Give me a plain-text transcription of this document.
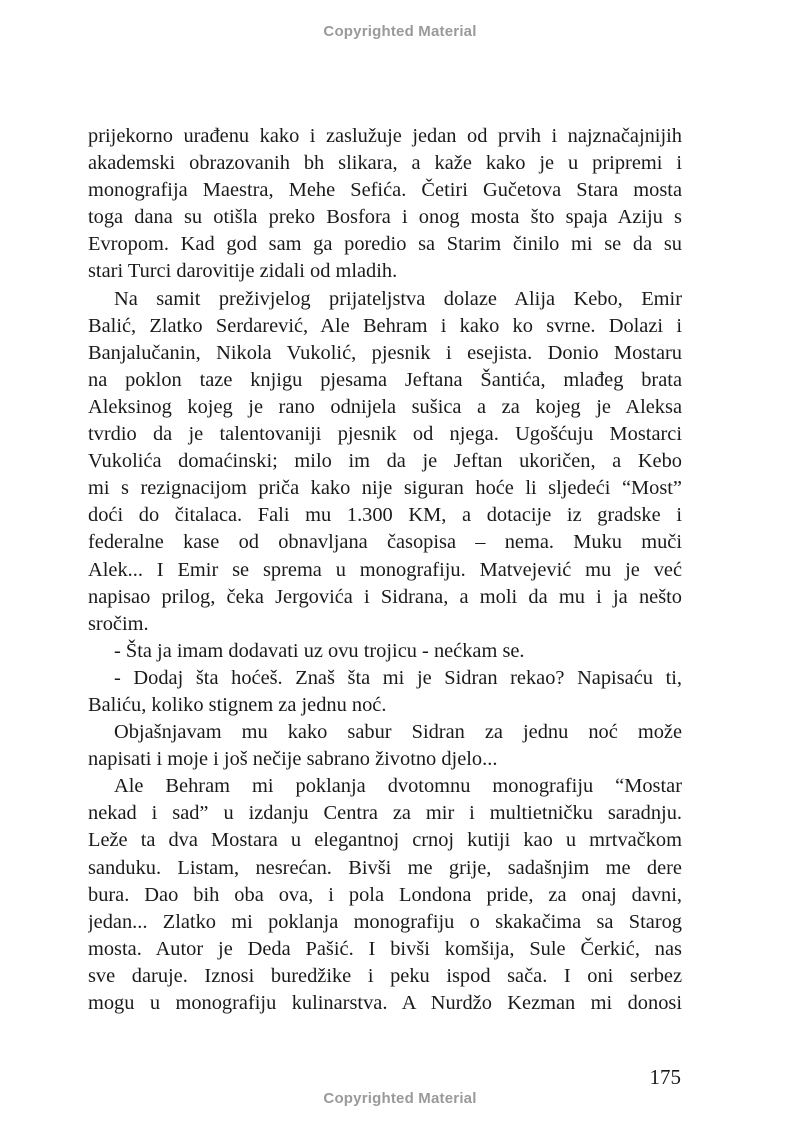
Copyrighted Material
prijekorno urađenu kako i zaslužuje jedan od prvih i najznačajnijih
akademski obrazovanih bh slikara, a kaže kako je u pripremi i
monografija Maestra, Mehe Sefića. Četiri Gučetova Stara mosta
toga dana su otišla preko Bosfora i onog mosta što spaja Aziju s
Evropom. Kad god sam ga poredio sa Starim činilo mi se da su
stari Turci darovitije zidali od mladih.
Na samit preživjelog prijateljstva dolaze Alija Kebo, Emir
Balić, Zlatko Serdarević, Ale Behram i kako ko svrne. Dolazi i
Banjalučanin, Nikola Vukolić, pjesnik i esejista. Donio Mostaru
na poklon taze knjigu pjesama Jeftana Šantića, mlađeg brata
Aleksinog kojeg je rano odnijela sušica a za kojeg je Aleksa
tvrdio da je talentovaniji pjesnik od njega. Ugošćuju Mostarci
Vukolića domaćinski; milo im da je Jeftan ukoričen, a Kebo
mi s rezignacijom priča kako nije siguran hoće li sljedeći “Most”
doći do čitalaca. Fali mu 1.300 KM, a dotacije iz gradske i
federalne kase od obnavljana časopisa – nema. Muku muči
Alek... I Emir se sprema u monografiju. Matvejević mu je već
napisao prilog, čeka Jergovića i Sidrana, a moli da mu i ja nešto
sročim.
- Šta ja imam dodavati uz ovu trojicu - nećkam se.
- Dodaj šta hoćeš. Znaš šta mi je Sidran rekao? Napisaću ti,
Baliću, koliko stignem za jednu noć.
Objašnjavam mu kako sabur Sidran za jednu noć može
napisati i moje i još nečije sabrano životno djelo...
Ale Behram mi poklanja dvotomnu monografiju “Mostar
nekad i sad” u izdanju Centra za mir i multietničku saradnju.
Leže ta dva Mostara u elegantnoj crnoj kutiji kao u mrtvačkom
sanduku. Listam, nesrećan. Bivši me grije, sadašnjim me dere
bura. Dao bih oba ova, i pola Londona pride, za onaj davni,
jedan... Zlatko mi poklanja monografiju o skakačima sa Starog
mosta. Autor je Deda Pašić. I bivši komšija, Sule Čerkić, nas
sve daruje. Iznosi buredžike i peku ispod sača. I oni serbez
mogu u monografiju kulinarstva. A Nurdžo Kezman mi donosi
175
Copyrighted Material
